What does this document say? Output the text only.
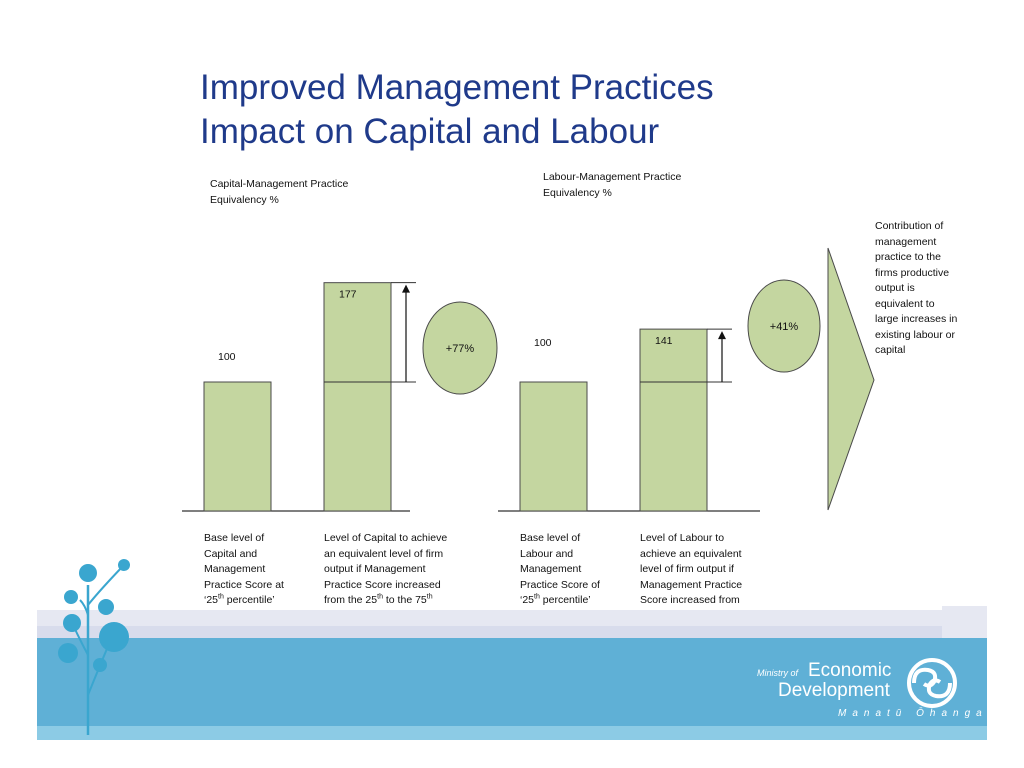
Improved Management Practices
Impact on Capital and Labour
Capital-Management Practice
Equivalency %
Labour-Management Practice
Equivalency %
Contribution of
management
practice to the
firms productive
output is
equivalent to
large increases in
existing labour or
capital
100
177
+77%	100	141
+41%
Base level of
Capital and
Management
Practice Score at
‘25th percentile’
Level of Capital to achieve
an equivalent level of firm
output if Management
Practice Score increased
from the 25th to the 75th
Base level of
Labour and
Management
Practice Score of
‘25th percentile’
Level of Labour to
achieve an equivalent
level of firm output if
Management Practice
Score increased from
Ministry of Economic
Development
Manatū Ōhanga
